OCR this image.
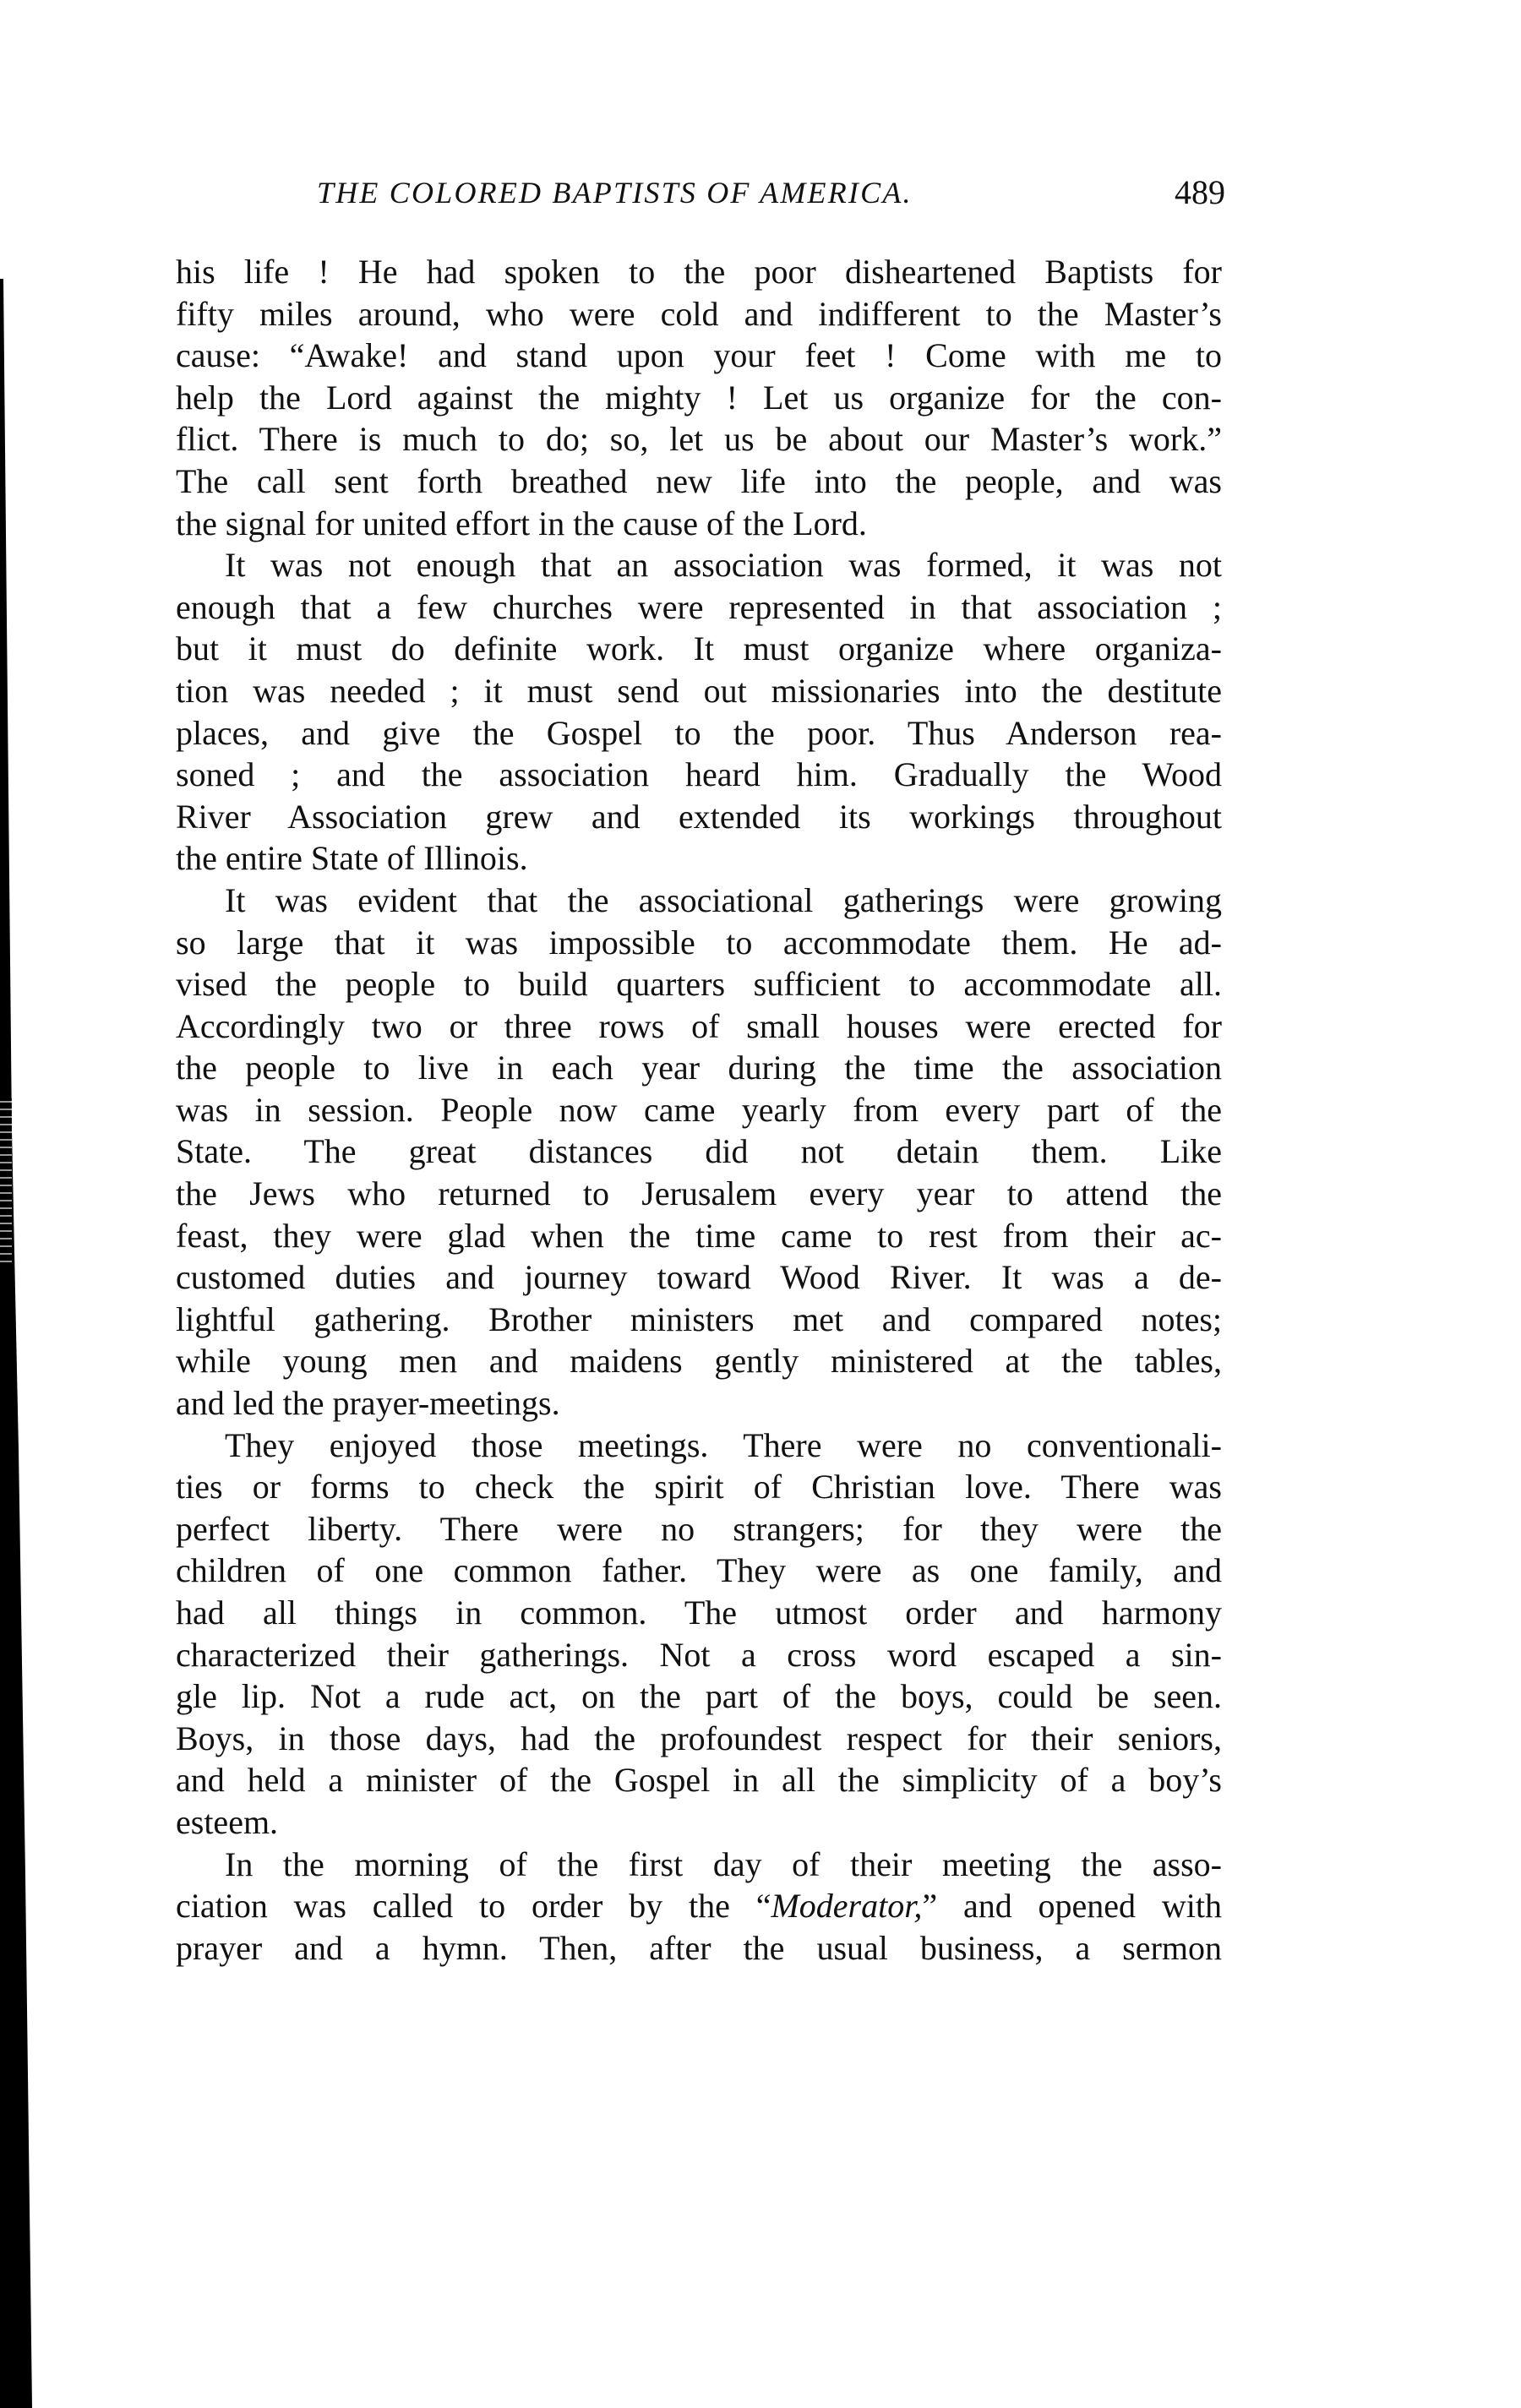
THE COLORED BAPTISTS OF AMERICA.	489
his life ! He had spoken to the poor disheartened Baptists for
fifty miles around, who were cold and indifferent to the Master’s
cause: “Awake! and stand upon your feet ! Come with me to
help the Lord against the mighty ! Let us organize for the con-
flict. There is much to do; so, let us be about our Master’s work.”
The call sent forth breathed new life into the people, and was
the signal for united effort in the cause of the Lord.
It was not enough that an association was formed, it was not
enough that a few churches were represented in that association ;
but it must do definite work. It must organize where organiza-
tion was needed ; it must send out missionaries into the destitute
places, and give the Gospel to the poor. Thus Anderson rea-
soned ; and the association heard him. Gradually the Wood
River Association grew and extended its workings throughout
the entire State of Illinois.
It was evident that the associational gatherings were growing
so large that it was impossible to accommodate them. He ad-
vised the people to build quarters sufficient to accommodate all.
Accordingly two or three rows of small houses were erected for
the people to live in each year during the time the association
was in session. People now came yearly from every part of the
State. The great distances did not detain them. Like
the Jews who returned to Jerusalem every year to attend the
feast, they were glad when the time came to rest from their ac-
customed duties and journey toward Wood River. It was a de-
lightful gathering. Brother ministers met and compared notes;
while young men and maidens gently ministered at the tables,
and led the prayer-meetings.
They enjoyed those meetings. There were no conventionali-
ties or forms to check the spirit of Christian love. There was
perfect liberty. There were no strangers; for they were the
children of one common father. They were as one family, and
had all things in common. The utmost order and harmony
characterized their gatherings. Not a cross word escaped a sin-
gle lip. Not a rude act, on the part of the boys, could be seen.
Boys, in those days, had the profoundest respect for their seniors,
and held a minister of the Gospel in all the simplicity of a boy’s
esteem.
In the morning of the first day of their meeting the asso-
ciation was called to order by the “Moderator,” and opened with
prayer and a hymn. Then, after the usual business, a sermon
